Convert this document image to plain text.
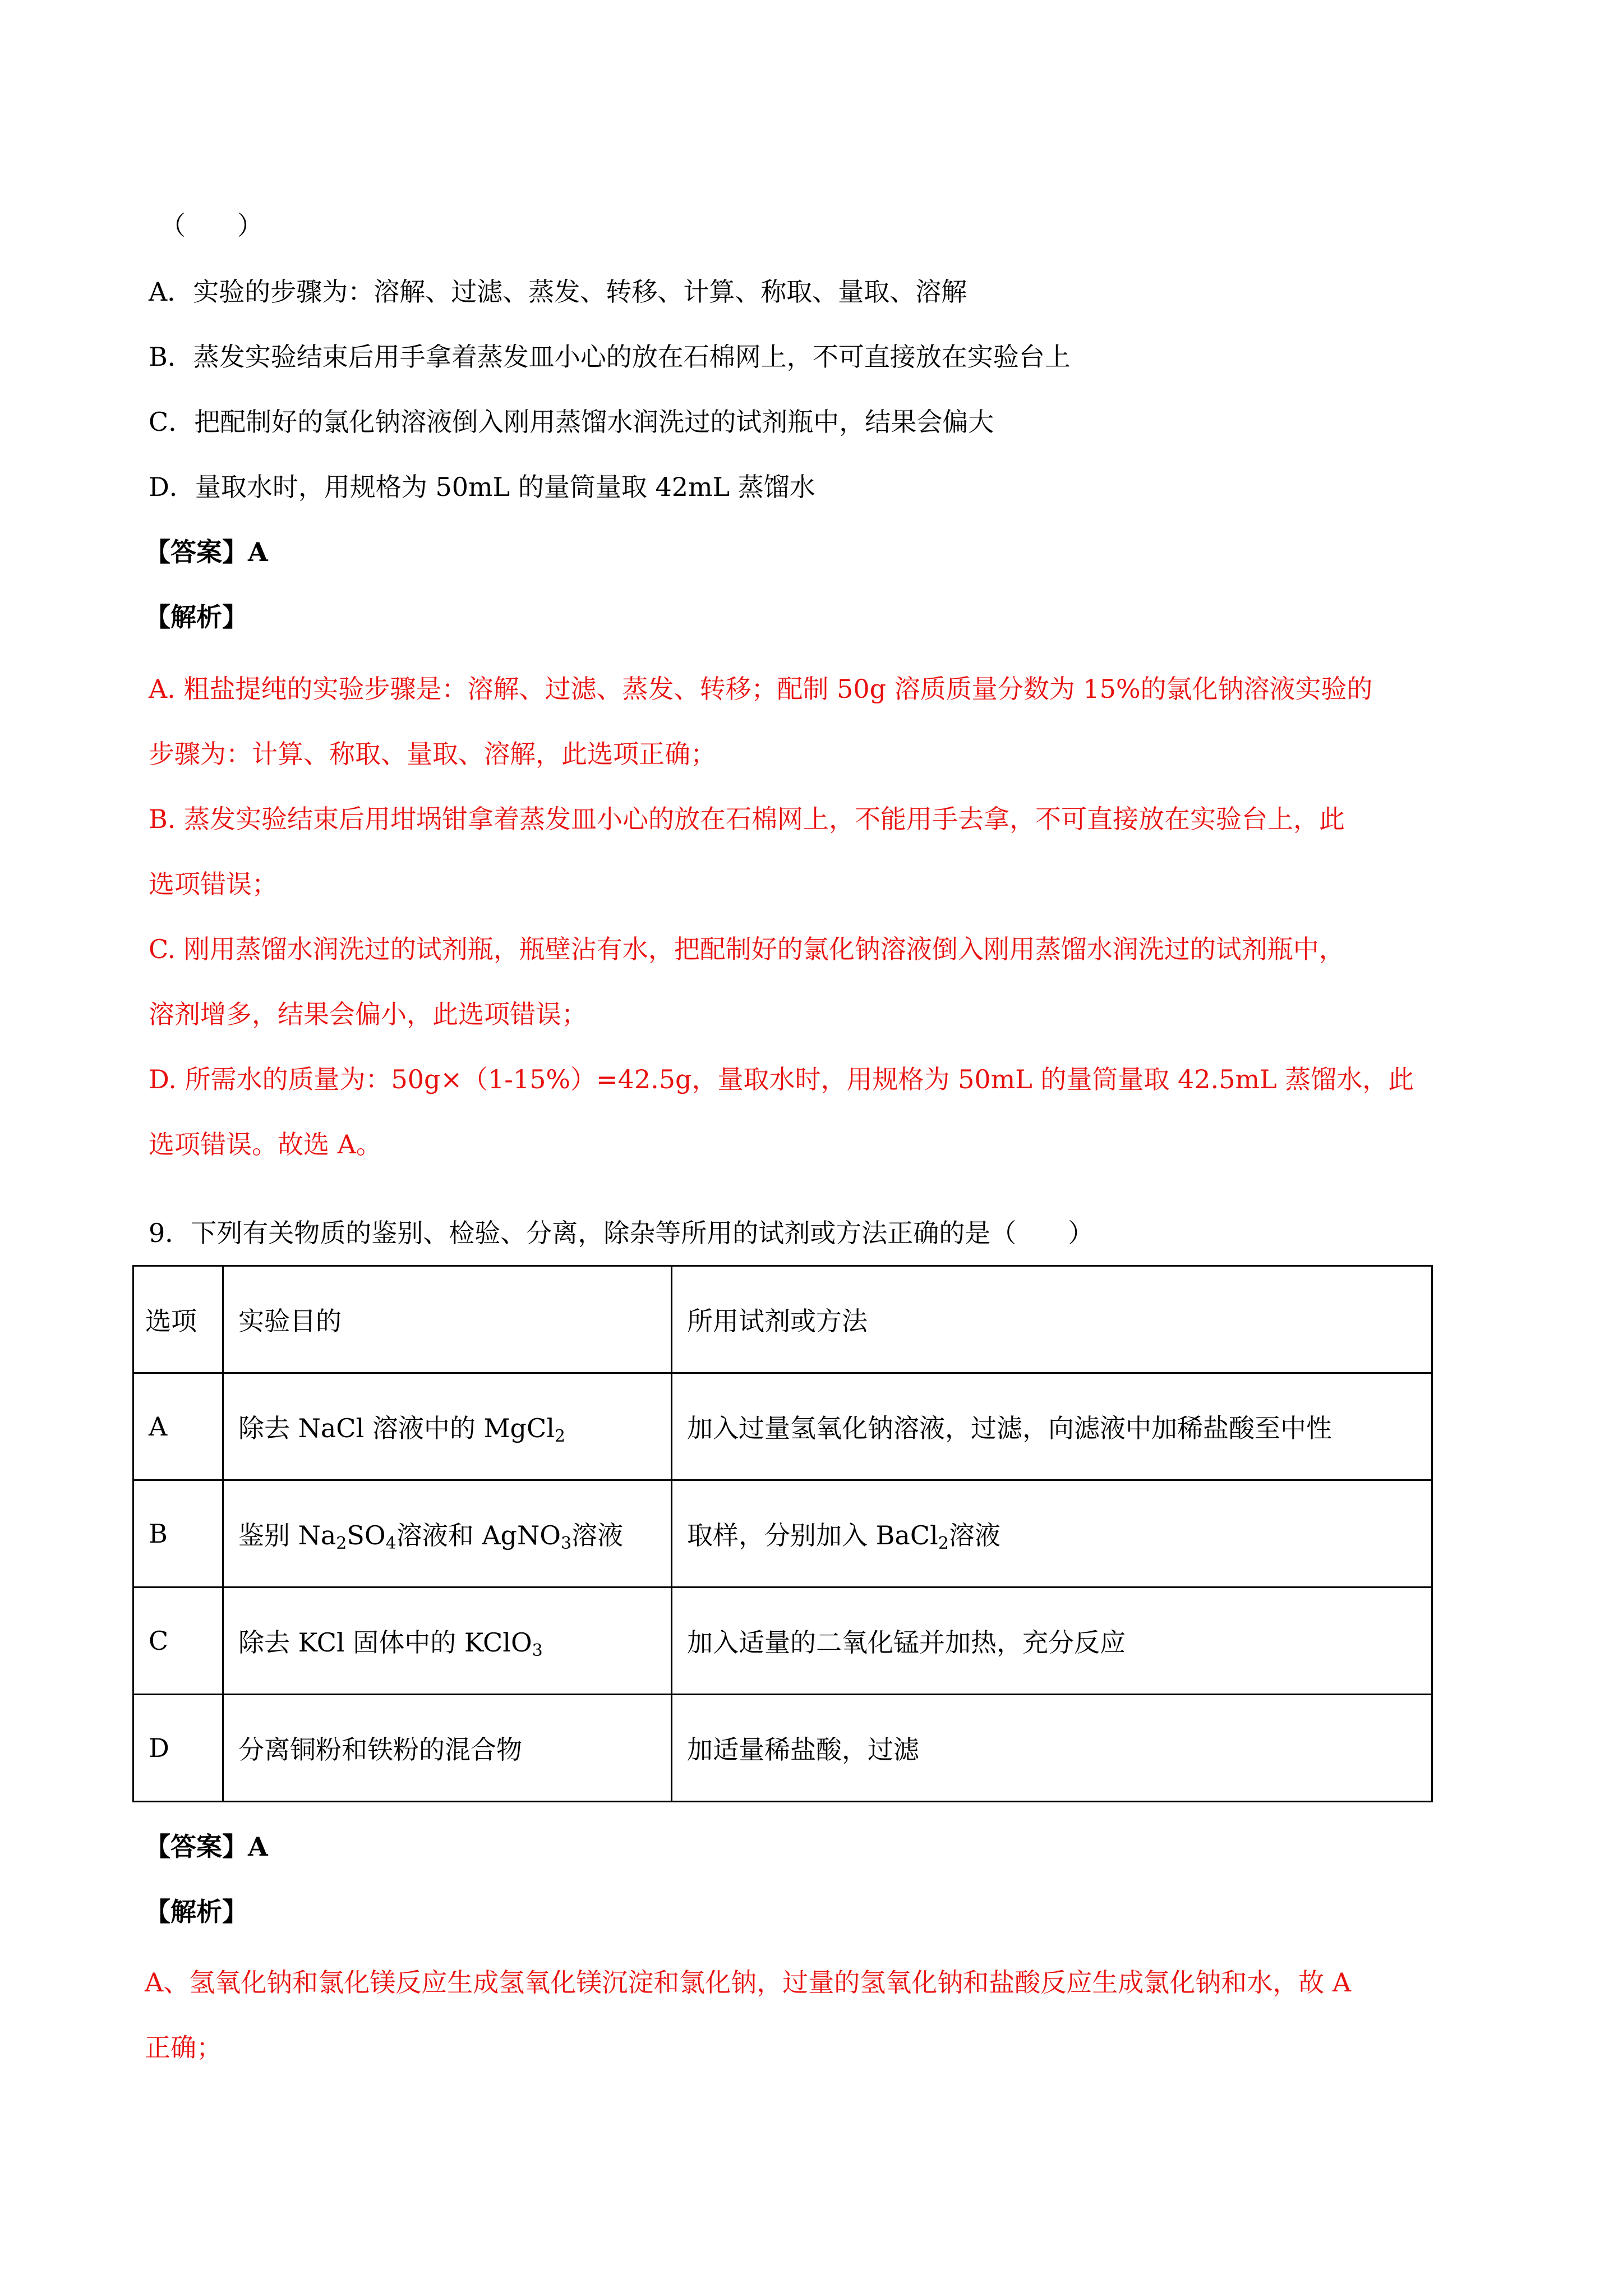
（　　）
A．实验的步骤为：溶解、过滤、蒸发、转移、计算、称取、量取、溶解
B．蒸发实验结束后用手拿着蒸发皿小心的放在石棉网上，不可直接放在实验台上
C．把配制好的氯化钠溶液倒入刚用蒸馏水润洗过的试剂瓶中，结果会偏大
D．量取水时，用规格为 50mL 的量筒量取 42mL 蒸馏水
【答案】A
【解析】
A. 粗盐提纯的实验步骤是：溶解、过滤、蒸发、转移；配制 50g 溶质质量分数为 15%的氯化钠溶液实验的
步骤为：计算、称取、量取、溶解，此选项正确；
B. 蒸发实验结束后用坩埚钳拿着蒸发皿小心的放在石棉网上，不能用手去拿，不可直接放在实验台上，此
选项错误；
C. 刚用蒸馏水润洗过的试剂瓶，瓶壁沾有水，把配制好的氯化钠溶液倒入刚用蒸馏水润洗过的试剂瓶中，
溶剂增多，结果会偏小，此选项错误；
D. 所需水的质量为：50g×（1-15%）=42.5g，量取水时，用规格为 50mL 的量筒量取 42.5mL 蒸馏水，此
选项错误。故选 A。
9．下列有关物质的鉴别、检验、分离，除杂等所用的试剂或方法正确的是（　　）
选项	实验目的	所用试剂或方法
A	除去 NaCl 溶液中的 MgCl$_2$	加入过量氢氧化钠溶液，过滤，向滤液中加稀盐酸至中性
B	鉴别 $Na_2SO_4$溶液和 AgNO$_3$溶液	取样，分别加入 BaCl$_2$溶液
C	除去 KCl 固体中的 KClO$_3$	加入适量的二氧化锰并加热，充分反应
D	分离铜粉和铁粉的混合物	加适量稀盐酸，过滤
【答案】A
【解析】
A、氢氧化钠和氯化镁反应生成氢氧化镁沉淀和氯化钠，过量的氢氧化钠和盐酸反应生成氯化钠和水，故 A
正确；
